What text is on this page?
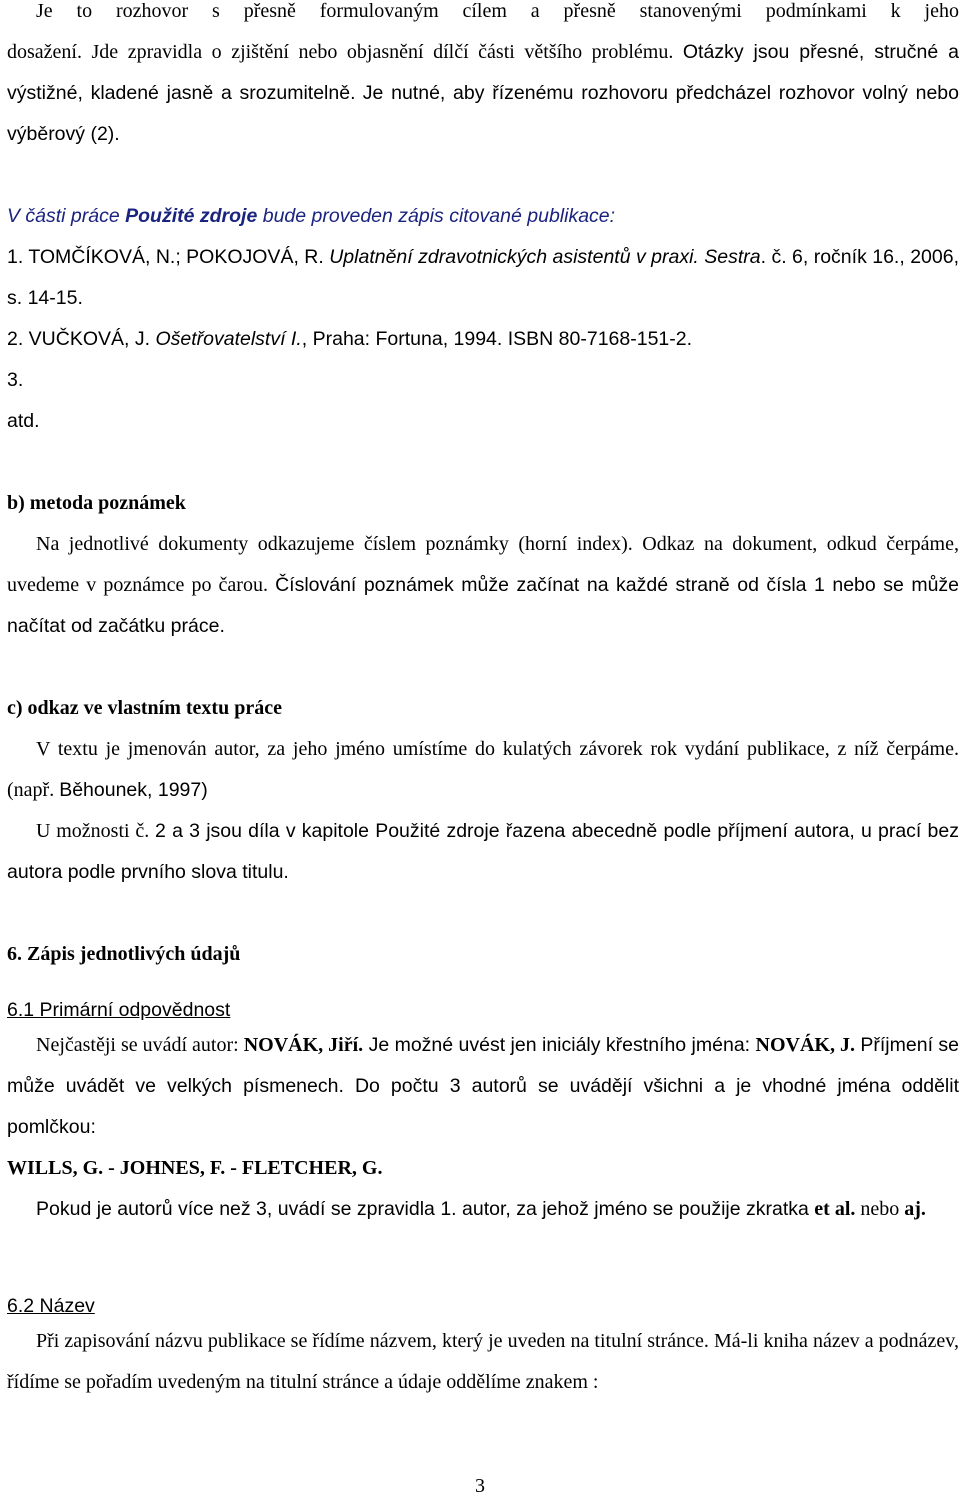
Je to rozhovor s přesně formulovaným cílem a přesně stanovenými podmínkami k jeho

dosažení. Jde zpravidla o zjištění nebo objasnění dílčí části většího problému. Otázky jsou přesné, stručné a výstižné, kladené jasně a srozumitelně. Je nutné, aby řízenému rozhovoru předcházel rozhovor volný nebo výběrový (2).

V části práce Použité zdroje bude proveden zápis citované publikace:

1. TOMČÍKOVÁ, N.; POKOJOVÁ, R. Uplatnění zdravotnických asistentů v praxi. Sestra. č. 6, ročník 16., 2006, s. 14-15.

2. VUČKOVÁ, J. Ošetřovatelství I., Praha: Fortuna, 1994. ISBN 80-7168-151-2.

3.

atd.

b) metoda poznámek

Na jednotlivé dokumenty odkazujeme číslem poznámky (horní index). Odkaz na dokument, odkud čerpáme, uvedeme v poznámce po čarou. Číslování poznámek může začínat na každé straně od čísla 1 nebo se může načítat od začátku práce.

c) odkaz ve vlastním textu práce

V textu je jmenován autor, za jeho jméno umístíme do kulatých závorek rok vydání publikace, z níž čerpáme.(např. Běhounek, 1997)

U možnosti č. 2 a 3 jsou díla v kapitole Použité zdroje řazena abecedně podle příjmení autora, u prací bez autora podle prvního slova titulu.

6. Zápis jednotlivých údajů

6.1 Primární odpovědnost

Nejčastěji se uvádí autor: NOVÁK, Jiří. Je možné uvést jen iniciály křestního jména: NOVÁK, J. Příjmení se může uvádět ve velkých písmenech. Do počtu 3 autorů se uvádějí všichni a je vhodné jména oddělit pomlčkou:

WILLS, G. - JOHNES, F. - FLETCHER, G.

Pokud je autorů více než 3, uvádí se zpravidla 1. autor, za jehož jméno se použije zkratka et al. nebo aj.

6.2 Název

Při zapisování názvu publikace se řídíme názvem, který je uveden na titulní stránce. Má-li kniha název a podnázev, řídíme se pořadím uvedeným na titulní stránce a údaje oddělíme znakem :

3
